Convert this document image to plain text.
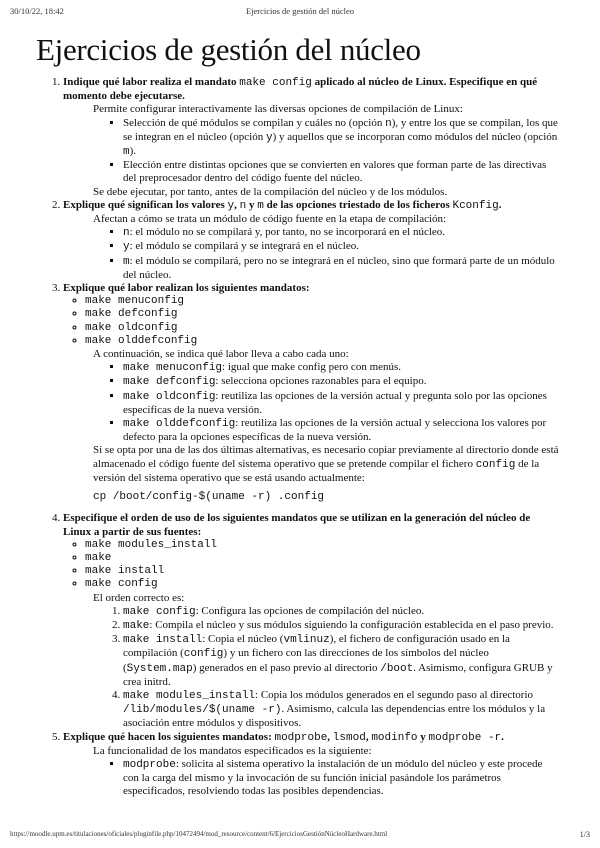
30/10/22, 18:42	Ejercicios de gestión del núcleo
Ejercicios de gestión del núcleo

1. Indique qué labor realiza el mandato make config aplicado al núcleo de Linux. Especifique en qué momento debe ejecutarse.

Permite configurar interactivamente las diversas opciones de compilación de Linux:

▪ Selección de qué módulos se compilan y cuáles no (opción n), y entre los que se compilan, los que se integran en el núcleo (opción y) y aquellos que se incorporan como módulos del núcleo (opción m).
▪ Elección entre distintas opciones que se convierten en valores que forman parte de las directivas del preprocesador dentro del código fuente del núcleo.

Se debe ejecutar, por tanto, antes de la compilación del núcleo y de los módulos.

2. Explique qué significan los valores y, n y m de las opciones triestado de los ficheros Kconfig.

Afectan a cómo se trata un módulo de código fuente en la etapa de compilación:

▪ n: el módulo no se compilará y, por tanto, no se incorporará en el núcleo.
▪ y: el módulo se compilará y se integrará en el núcleo.
▪ m: el módulo se compilará, pero no se integrará en el núcleo, sino que formará parte de un módulo del núcleo.

3. Explique qué labor realizan los siguientes mandatos:

◦ make menuconfig
◦ make defconfig
◦ make oldconfig
◦ make olddefconfig

A continuación, se indica qué labor lleva a cabo cada uno:

▪ make menuconfig: igual que make config pero con menús.
▪ make defconfig: selecciona opciones razonables para el equipo.
▪ make oldconfig: reutiliza las opciones de la versión actual y pregunta solo por las opciones específicas de la nueva versión.
▪ make olddefconfig: reutiliza las opciones de la versión actual y selecciona los valores por defecto para la opciones específicas de la nueva versión.

Si se opta por una de las dos últimas alternativas, es necesario copiar previamente al directorio donde está almacenado el código fuente del sistema operativo que se pretende compilar el fichero config de la versión del sistema operativo que se está usando actualmente:

cp /boot/config-$(uname -r) .config

4. Especifique el orden de uso de los siguientes mandatos que se utilizan en la generación del núcleo de Linux a partir de sus fuentes:

◦ make modules_install
◦ make
◦ make install
◦ make config

El orden correcto es:

1. make config: Configura las opciones de compilación del núcleo.
2. make: Compila el núcleo y sus módulos siguiendo la configuración establecida en el paso previo.
3. make install: Copia el núcleo (vmlinuz), el fichero de configuración usado en la compilación (config) y un fichero con las direcciones de los símbolos del núcleo (System.map) generados en el paso previo al directorio /boot. Asimismo, configura GRUB y crea initrd.
4. make modules_install: Copia los módulos generados en el segundo paso al directorio /lib/modules/$(uname -r). Asimismo, calcula las dependencias entre los módulos y la asociación entre módulos y dispositivos.

5. Explique qué hacen los siguientes mandatos: modprobe, lsmod, modinfo y modprobe -r.

La funcionalidad de los mandatos especificados es la siguiente:

▪ modprobe: solicita al sistema operativo la instalación de un módulo del núcleo y este procede con la carga del mismo y la invocación de su función inicial pasándole los parámetros especificados, resolviendo todas las posibles dependencias.
https://moodle.upm.es/titulaciones/oficiales/pluginfile.php/10472494/mod_resource/content/6/EjerciciosGestiónNúcleoHardware.html	1/3
